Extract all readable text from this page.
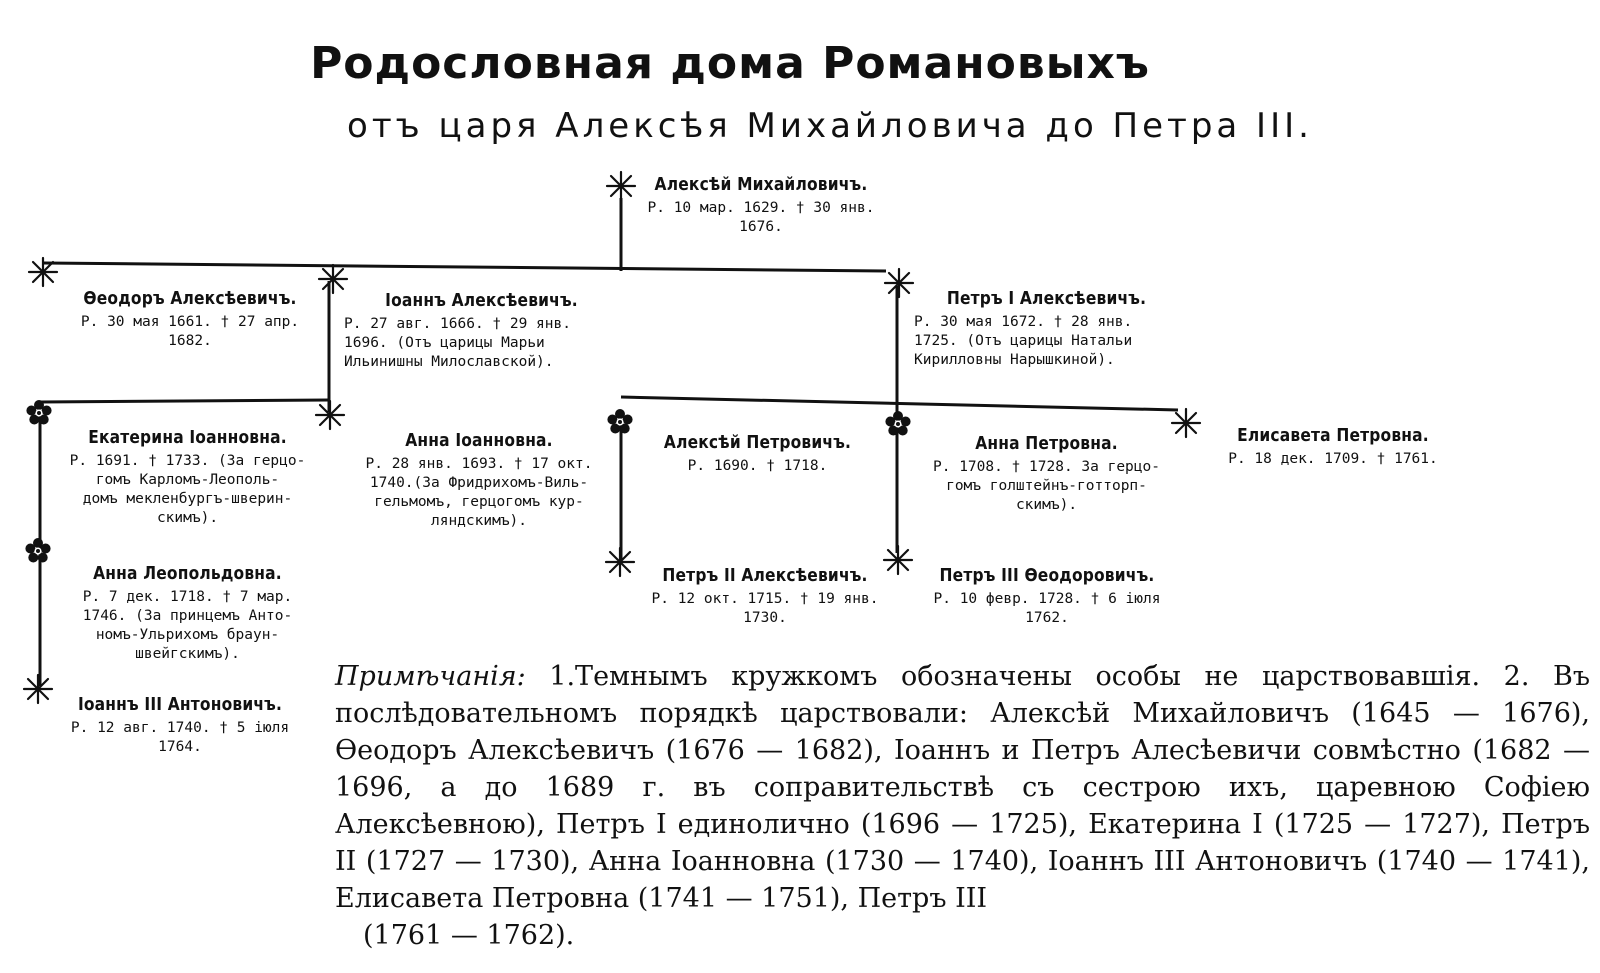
Родословная дома Романовыхъ
отъ царя Алексѣя Михайловича до Петра III.
Алексѣй Михайловичъ.
Р. 10 мар. 1629. † 30 янв.
1676.
Өеодоръ Алексѣевичъ.
Р. 30 мая 1661. † 27 апр.
1682.
Іоаннъ Алексѣевичъ.
Р. 27 авг. 1666. † 29 янв.
1696. (Отъ царицы Марьи
Ильинишны Милославской).
Петръ I Алексѣевичъ.
Р. 30 мая 1672. † 28 янв.
1725. (Отъ царицы Натальи
Кирилловны Нарышкиной).
Екатерина Іоанновна.
Р. 1691. † 1733. (За герцо-
гомъ Карломъ-Леополь-
домъ мекленбургъ-шверин-
скимъ).
Анна Іоанновна.
Р. 28 янв. 1693. † 17 окт.
1740.(За Фридрихомъ-Виль-
гельмомъ, герцогомъ кур-
ляндскимъ).
Алексѣй Петровичъ.
Р. 1690. † 1718.
Анна Петровна.
Р. 1708. † 1728. За герцо-
гомъ голштейнъ-готторп-
скимъ).
Елисавета Петровна.
Р. 18 дек. 1709. † 1761.
Анна Леопольдовна.
Р. 7 дек. 1718. † 7 мар.
1746. (За принцемъ Анто-
номъ-Ульрихомъ браун-
швейгскимъ).
Петръ II Алексѣевичъ.
Р. 12 окт. 1715. † 19 янв.
1730.
Петръ III Өеодоровичъ.
Р. 10 февр. 1728. † 6 іюля
1762.
Іоаннъ III Антоновичъ.
Р. 12 авг. 1740. † 5 іюля
1764.
Примѣчанія: 1.Темнымъ кружкомъ обозначены особы не царствовавшія. 2. Въ послѣдовательномъ порядкѣ царствовали: Алексѣй Михайловичъ (1645 — 1676), Өеодоръ Алексѣевичъ (1676 — 1682), Іоаннъ и Петръ Алесѣевичи совмѣстно (1682 — 1696, а до 1689 г. въ соправительствѣ съ сестрою ихъ, царевною Софіею Алексѣевною), Петръ I единолично (1696 — 1725), Екатерина I (1725 — 1727), Петръ II (1727 — 1730), Анна Іоанновна (1730 — 1740), Іоаннъ III Антоновичъ (1740 — 1741), Елисавета Петровна (1741 — 1751), Петръ III
(1761 — 1762).
